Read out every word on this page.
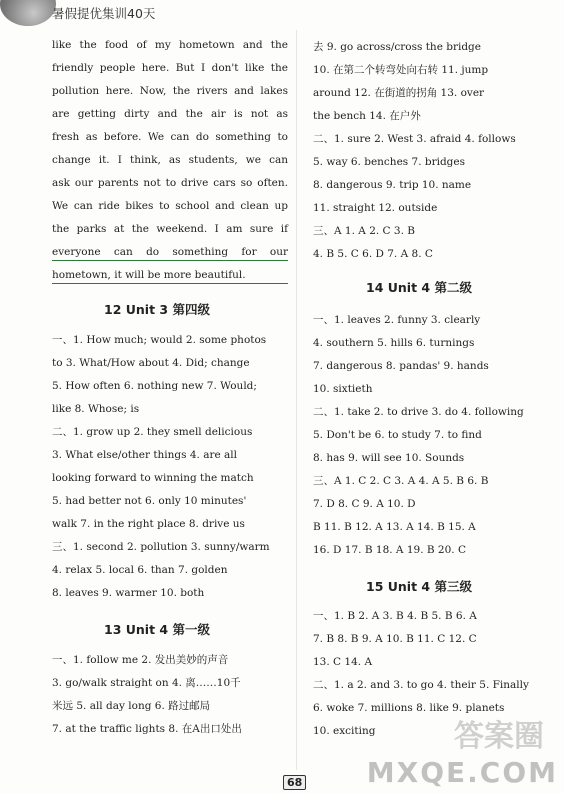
暑假提优集训40天
like the food of my hometown and the
friendly people here. But I don't like the
pollution here. Now, the rivers and lakes
are getting dirty and the air is not as
fresh as before. We can do something to
change it. I think, as students, we can
ask our parents not to drive cars so often.
We can ride bikes to school and clean up
the parks at the weekend. I am sure if
everyone can do something for our
hometown, it will be more beautiful.
12 Unit 3 第四级
一、1. How much; would 2. some photos
to 3. What/How about 4. Did; change
5. How often 6. nothing new 7. Would;
like 8. Whose; is
二、1. grow up 2. they smell delicious
3. What else/other things 4. are all
looking forward to winning the match
5. had better not 6. only 10 minutes'
walk 7. in the right place 8. drive us
三、1. second 2. pollution 3. sunny/warm
4. relax 5. local 6. than 7. golden
8. leaves 9. warmer 10. both
13 Unit 4 第一级
一、1. follow me 2. 发出美妙的声音
3. go/walk straight on 4. 离……10千
米远 5. all day long 6. 路过邮局
7. at the traffic lights 8. 在A出口处出
去 9. go across/cross the bridge
10. 在第二个转弯处向右转 11. jump
around 12. 在街道的拐角 13. over
the bench 14. 在户外
二、1. sure 2. West 3. afraid 4. follows
5. way 6. benches 7. bridges
8. dangerous 9. trip 10. name
11. straight 12. outside
三、A 1. A 2. C 3. B
4. B 5. C 6. D 7. A 8. C
14 Unit 4 第二级
一、1. leaves 2. funny 3. clearly
4. southern 5. hills 6. turnings
7. dangerous 8. pandas' 9. hands
10. sixtieth
二、1. take 2. to drive 3. do 4. following
5. Don't be 6. to study 7. to find
8. has 9. will see 10. Sounds
三、A 1. C 2. C 3. A 4. A 5. B 6. B
7. D 8. C 9. A 10. D
B 11. B 12. A 13. A 14. B 15. A
16. D 17. B 18. A 19. B 20. C
15 Unit 4 第三级
一、1. B 2. A 3. B 4. B 5. B 6. A
7. B 8. B 9. A 10. B 11. C 12. C
13. C 14. A
二、1. a 2. and 3. to go 4. their 5. Finally
6. woke 7. millions 8. like 9. planets
10. exciting
68
答案圈
MXQE.COM
